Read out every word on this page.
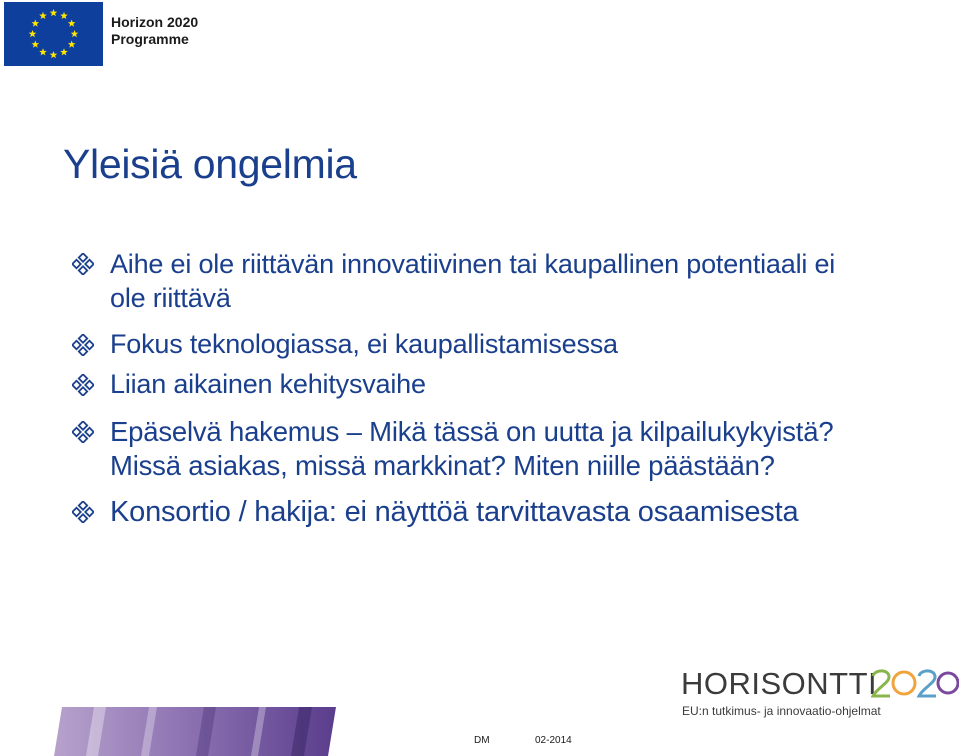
Horizon 2020
Programme
Yleisiä ongelmia
Aihe ei ole riittävän innovatiivinen tai kaupallinen potentiaali ei
ole riittävä
Fokus teknologiassa, ei kaupallistamisessa
Liian aikainen kehitysvaihe
Epäselvä hakemus – Mikä tässä on uutta ja kilpailukykyistä?
Missä asiakas, missä markkinat? Miten niille päästään?
Konsortio / hakija: ei näyttöä tarvittavasta osaamisesta
DM	02-2014
HORISONTTI
EU:n tutkimus- ja innovaatio-ohjelmat
